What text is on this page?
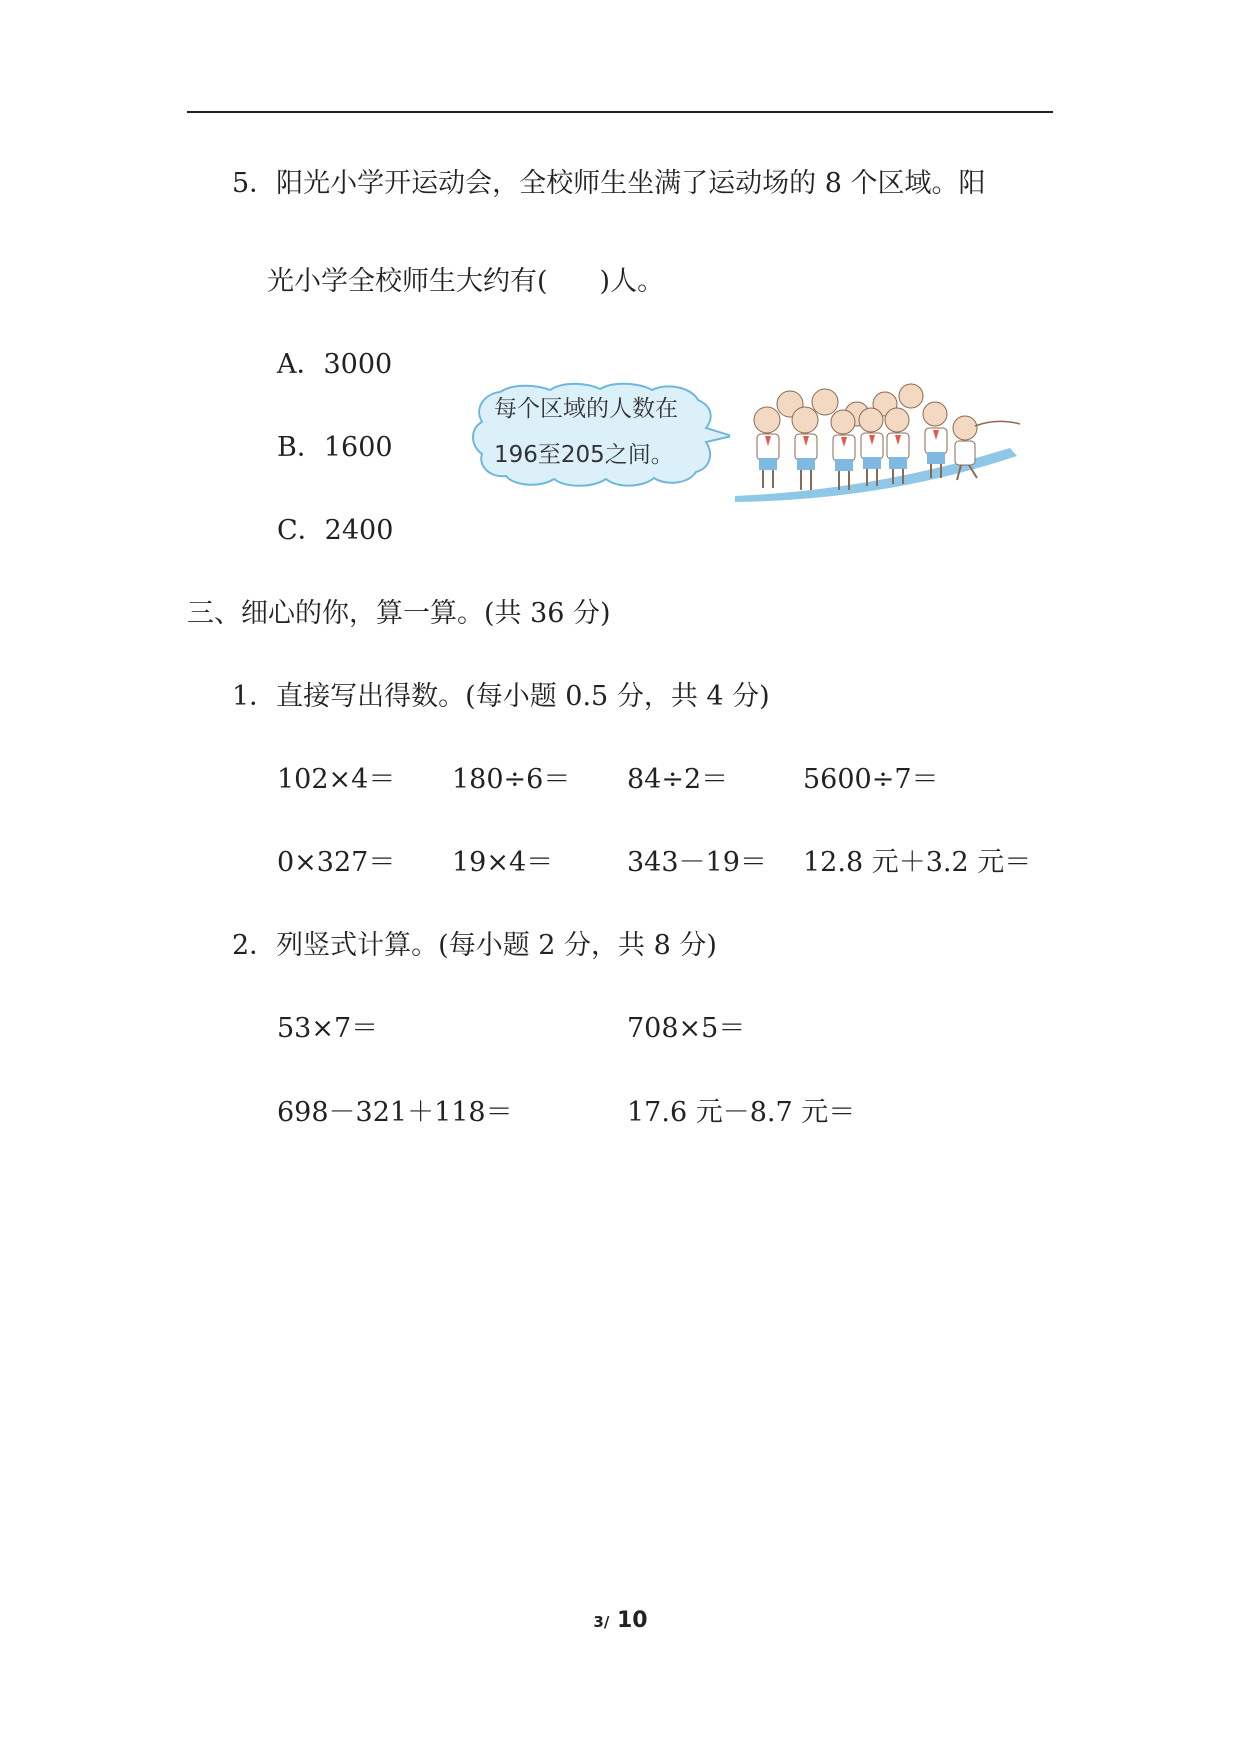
5．阳光小学开运动会，全校师生坐满了运动场的 8 个区域。阳
光小学全校师生大约有( )人。
A．3000
B．1600
C．2400
每个区域的人数在
196至205之间。
三、细心的你，算一算。(共 36 分)
1．直接写出得数。(每小题 0.5 分，共 4 分)
102×4＝ 180÷6＝ 84÷2＝	5600÷7＝
0×327＝ 19×4＝	343－19＝ 12.8 元＋3.2 元＝
2．列竖式计算。(每小题 2 分，共 8 分)
53×7＝	708×5＝
698－321＋118＝	17.6 元－8.7 元＝
3/ 10
